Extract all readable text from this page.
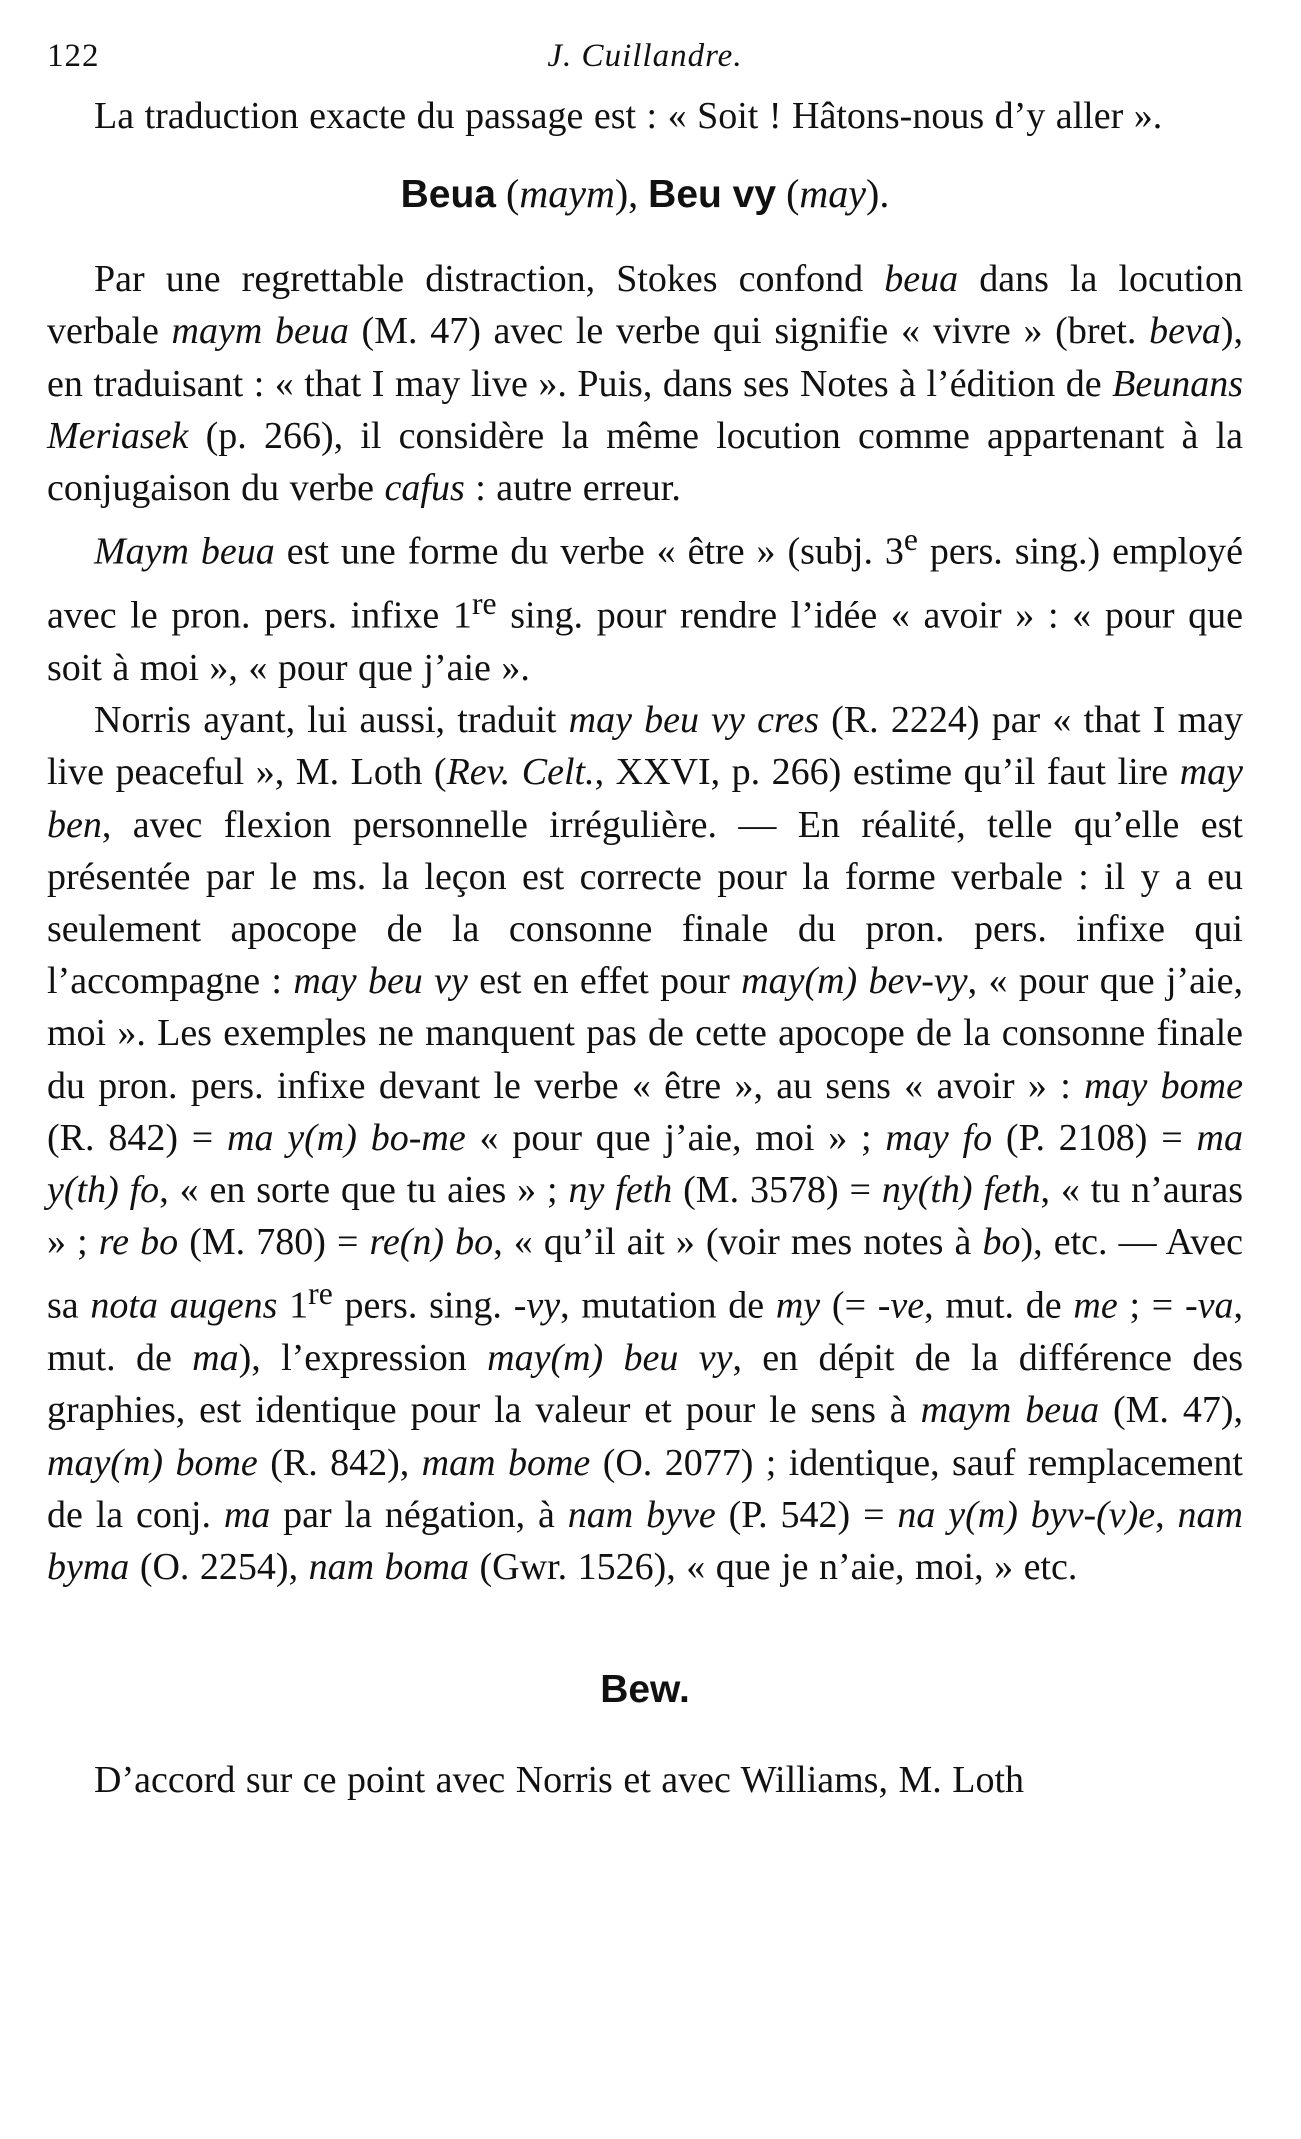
122	J. Cuillandre.

La traduction exacte du passage est : « Soit ! Hâtons-nous d’y aller ».

Beua (maym), Beu vy (may).

Par une regrettable distraction, Stokes confond beua dans la locution verbale maym beua (M. 47) avec le verbe qui signifie « vivre » (bret. beva), en traduisant : « that I may live ». Puis, dans ses Notes à l’édition de Beunans Meriasek (p. 266), il considère la même locution comme appartenant à la conjugaison du verbe cafus : autre erreur.

Maym beua est une forme du verbe « être » (subj. 3e pers. sing.) employé avec le pron. pers. infixe 1re sing. pour rendre l’idée « avoir » : « pour que soit à moi », « pour que j’aie ».

Norris ayant, lui aussi, traduit may beu vy cres (R. 2224) par « that I may live peaceful », M. Loth (Rev. Celt., XXVI, p. 266) estime qu’il faut lire may ben, avec flexion personnelle irrégulière. — En réalité, telle qu’elle est présentée par le ms. la leçon est correcte pour la forme verbale : il y a eu seulement apocope de la consonne finale du pron. pers. infixe qui l’accompagne : may beu vy est en effet pour may(m) bev-vy, « pour que j’aie, moi ». Les exemples ne manquent pas de cette apocope de la consonne finale du pron. pers. infixe devant le verbe « être », au sens « avoir » : may bome (R. 842) = ma y(m) bo-me « pour que j’aie, moi » ; may fo (P. 2108) = ma y(th) fo, « en sorte que tu aies » ; ny feth (M. 3578) = ny(th) feth, « tu n’auras » ; re bo (M. 780) = re(n) bo, « qu’il ait » (voir mes notes à bo), etc. — Avec sa nota augens 1re pers. sing. -vy, mutation de my (= -ve, mut. de me ; = -va, mut. de ma), l’expression may(m) beu vy, en dépit de la différence des graphies, est identique pour la valeur et pour le sens à maym beua (M. 47), may(m) bome (R. 842), mam bome (O. 2077) ; identique, sauf remplacement de la conj. ma par la négation, à nam byve (P. 542) = na y(m) byv-(v)e, nam byma (O. 2254), nam boma (Gwr. 1526), « que je n’aie, moi, » etc.

Bew.

D’accord sur ce point avec Norris et avec Williams, M. Loth
